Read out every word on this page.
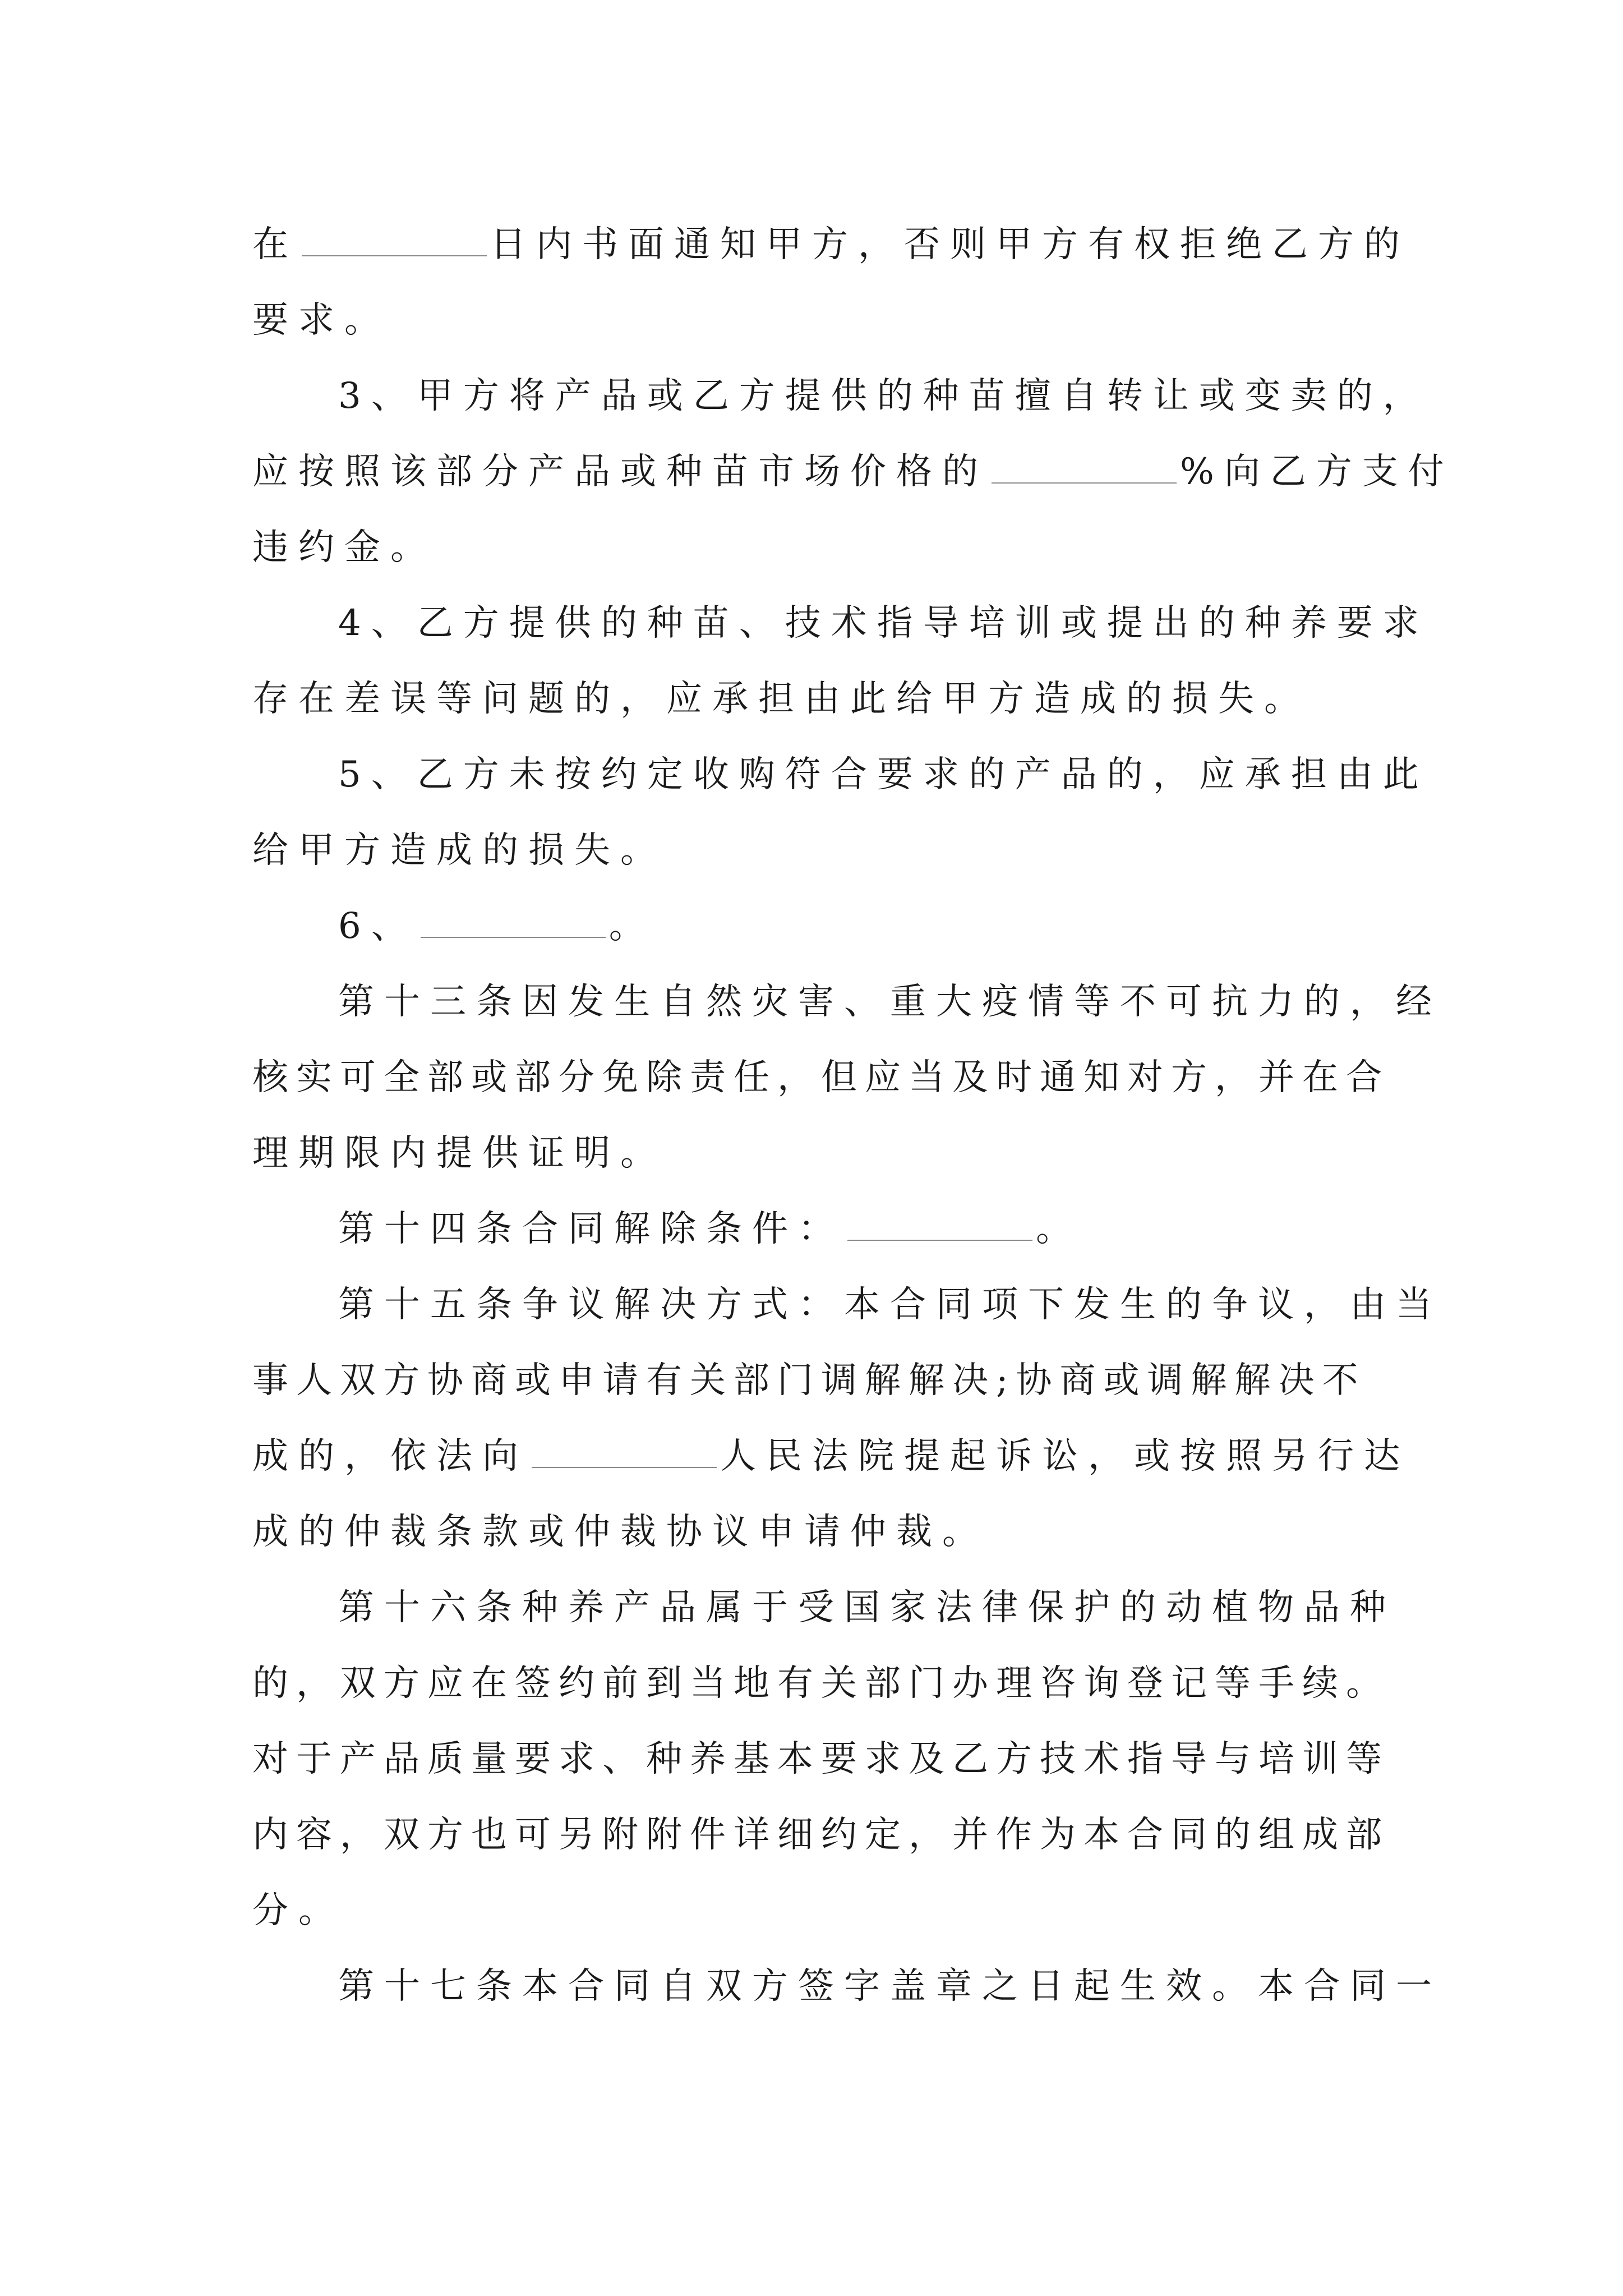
在	日内书面通知甲方，否则甲方有权拒绝乙方的
要求。
3、甲方将产品或乙方提供的种苗擅自转让或变卖的，
应按照该部分产品或种苗市场价格的	%向乙方支付
违约金。
4、乙方提供的种苗、技术指导培训或提出的种养要求
存在差误等问题的，应承担由此给甲方造成的损失。
5、乙方未按约定收购符合要求的产品的，应承担由此
给甲方造成的损失。
6、	。
第十三条因发生自然灾害、重大疫情等不可抗力的，经
核实可全部或部分免除责任，但应当及时通知对方，并在合
理期限内提供证明。
第十四条合同解除条件：	。
第十五条争议解决方式：本合同项下发生的争议，由当
事人双方协商或申请有关部门调解解决;协商或调解解决不
成的，依法向	人民法院提起诉讼，或按照另行达
成的仲裁条款或仲裁协议申请仲裁。
第十六条种养产品属于受国家法律保护的动植物品种
的，双方应在签约前到当地有关部门办理咨询登记等手续。
对于产品质量要求、种养基本要求及乙方技术指导与培训等
内容，双方也可另附附件详细约定，并作为本合同的组成部
分。
第十七条本合同自双方签字盖章之日起生效。本合同一
